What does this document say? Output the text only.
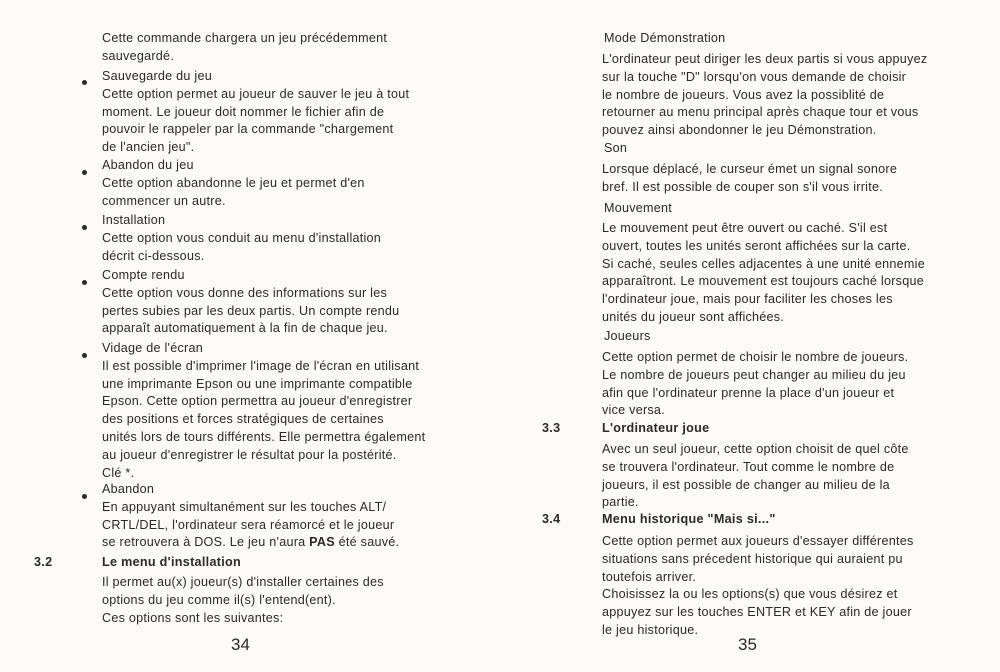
Cette commande chargera un jeu précédemment
sauvegardé.
Sauvegarde du jeu
Cette option permet au joueur de sauver le jeu à tout
moment. Le joueur doit nommer le fichier afin de
pouvoir le rappeler par la commande "chargement
de l'ancien jeu".
Abandon du jeu
Cette option abandonne le jeu et permet d'en
commencer un autre.
Installation
Cette option vous conduit au menu d'installation
décrit ci-dessous.
Compte rendu
Cette option vous donne des informations sur les
pertes subies par les deux partis. Un compte rendu
apparaît automatiquement à la fin de chaque jeu.
Vidage de l'écran
Il est possible d'imprimer l'image de l'écran en utilisant
une imprimante Epson ou une imprimante compatible
Epson. Cette option permettra au joueur d'enregistrer
des positions et forces stratégiques de certaines
unités lors de tours différents. Elle permettra également
au joueur d'enregistrer le résultat pour la postérité.
Clé *.
Abandon
En appuyant simultanément sur les touches ALT/
CRTL/DEL, l'ordinateur sera réamorcé et le joueur
se retrouvera à DOS. Le jeu n'aura PAS été sauvé.
3.2	Le menu d'installation
Il permet au(x) joueur(s) d'installer certaines des
options du jeu comme il(s) l'entend(ent).
Ces options sont les suivantes:
34
Mode Démonstration
L'ordinateur peut diriger les deux partis si vous appuyez
sur la touche "D" lorsqu'on vous demande de choisir
le nombre de joueurs. Vous avez la possiblité de
retourner au menu principal après chaque tour et vous
pouvez ainsi abondonner le jeu Démonstration.
Son
Lorsque déplacé, le curseur émet un signal sonore
bref. Il est possible de couper son s'il vous irrite.
Mouvement
Le mouvement peut être ouvert ou caché. S'il est
ouvert, toutes les unités seront affichées sur la carte.
Si caché, seules celles adjacentes à une unité ennemie
apparaîtront. Le mouvement est toujours caché lorsque
l'ordinateur joue, mais pour faciliter les choses les
unités du joueur sont affichées.
Joueurs
Cette option permet de choisir le nombre de joueurs.
Le nombre de joueurs peut changer au milieu du jeu
afin que l'ordinateur prenne la place d'un joueur et
vice versa.
3.3	L'ordinateur joue
Avec un seul joueur, cette option choisit de quel côte
se trouvera l'ordinateur. Tout comme le nombre de
joueurs, il est possible de changer au milieu de la
partie.
3.4	Menu historique "Mais si..."
Cette option permet aux joueurs d'essayer différentes
situations sans précedent historique qui auraient pu
toutefois arriver.
Choisissez la ou les options(s) que vous désirez et
appuyez sur les touches ENTER et KEY afin de jouer
le jeu historique.
35
